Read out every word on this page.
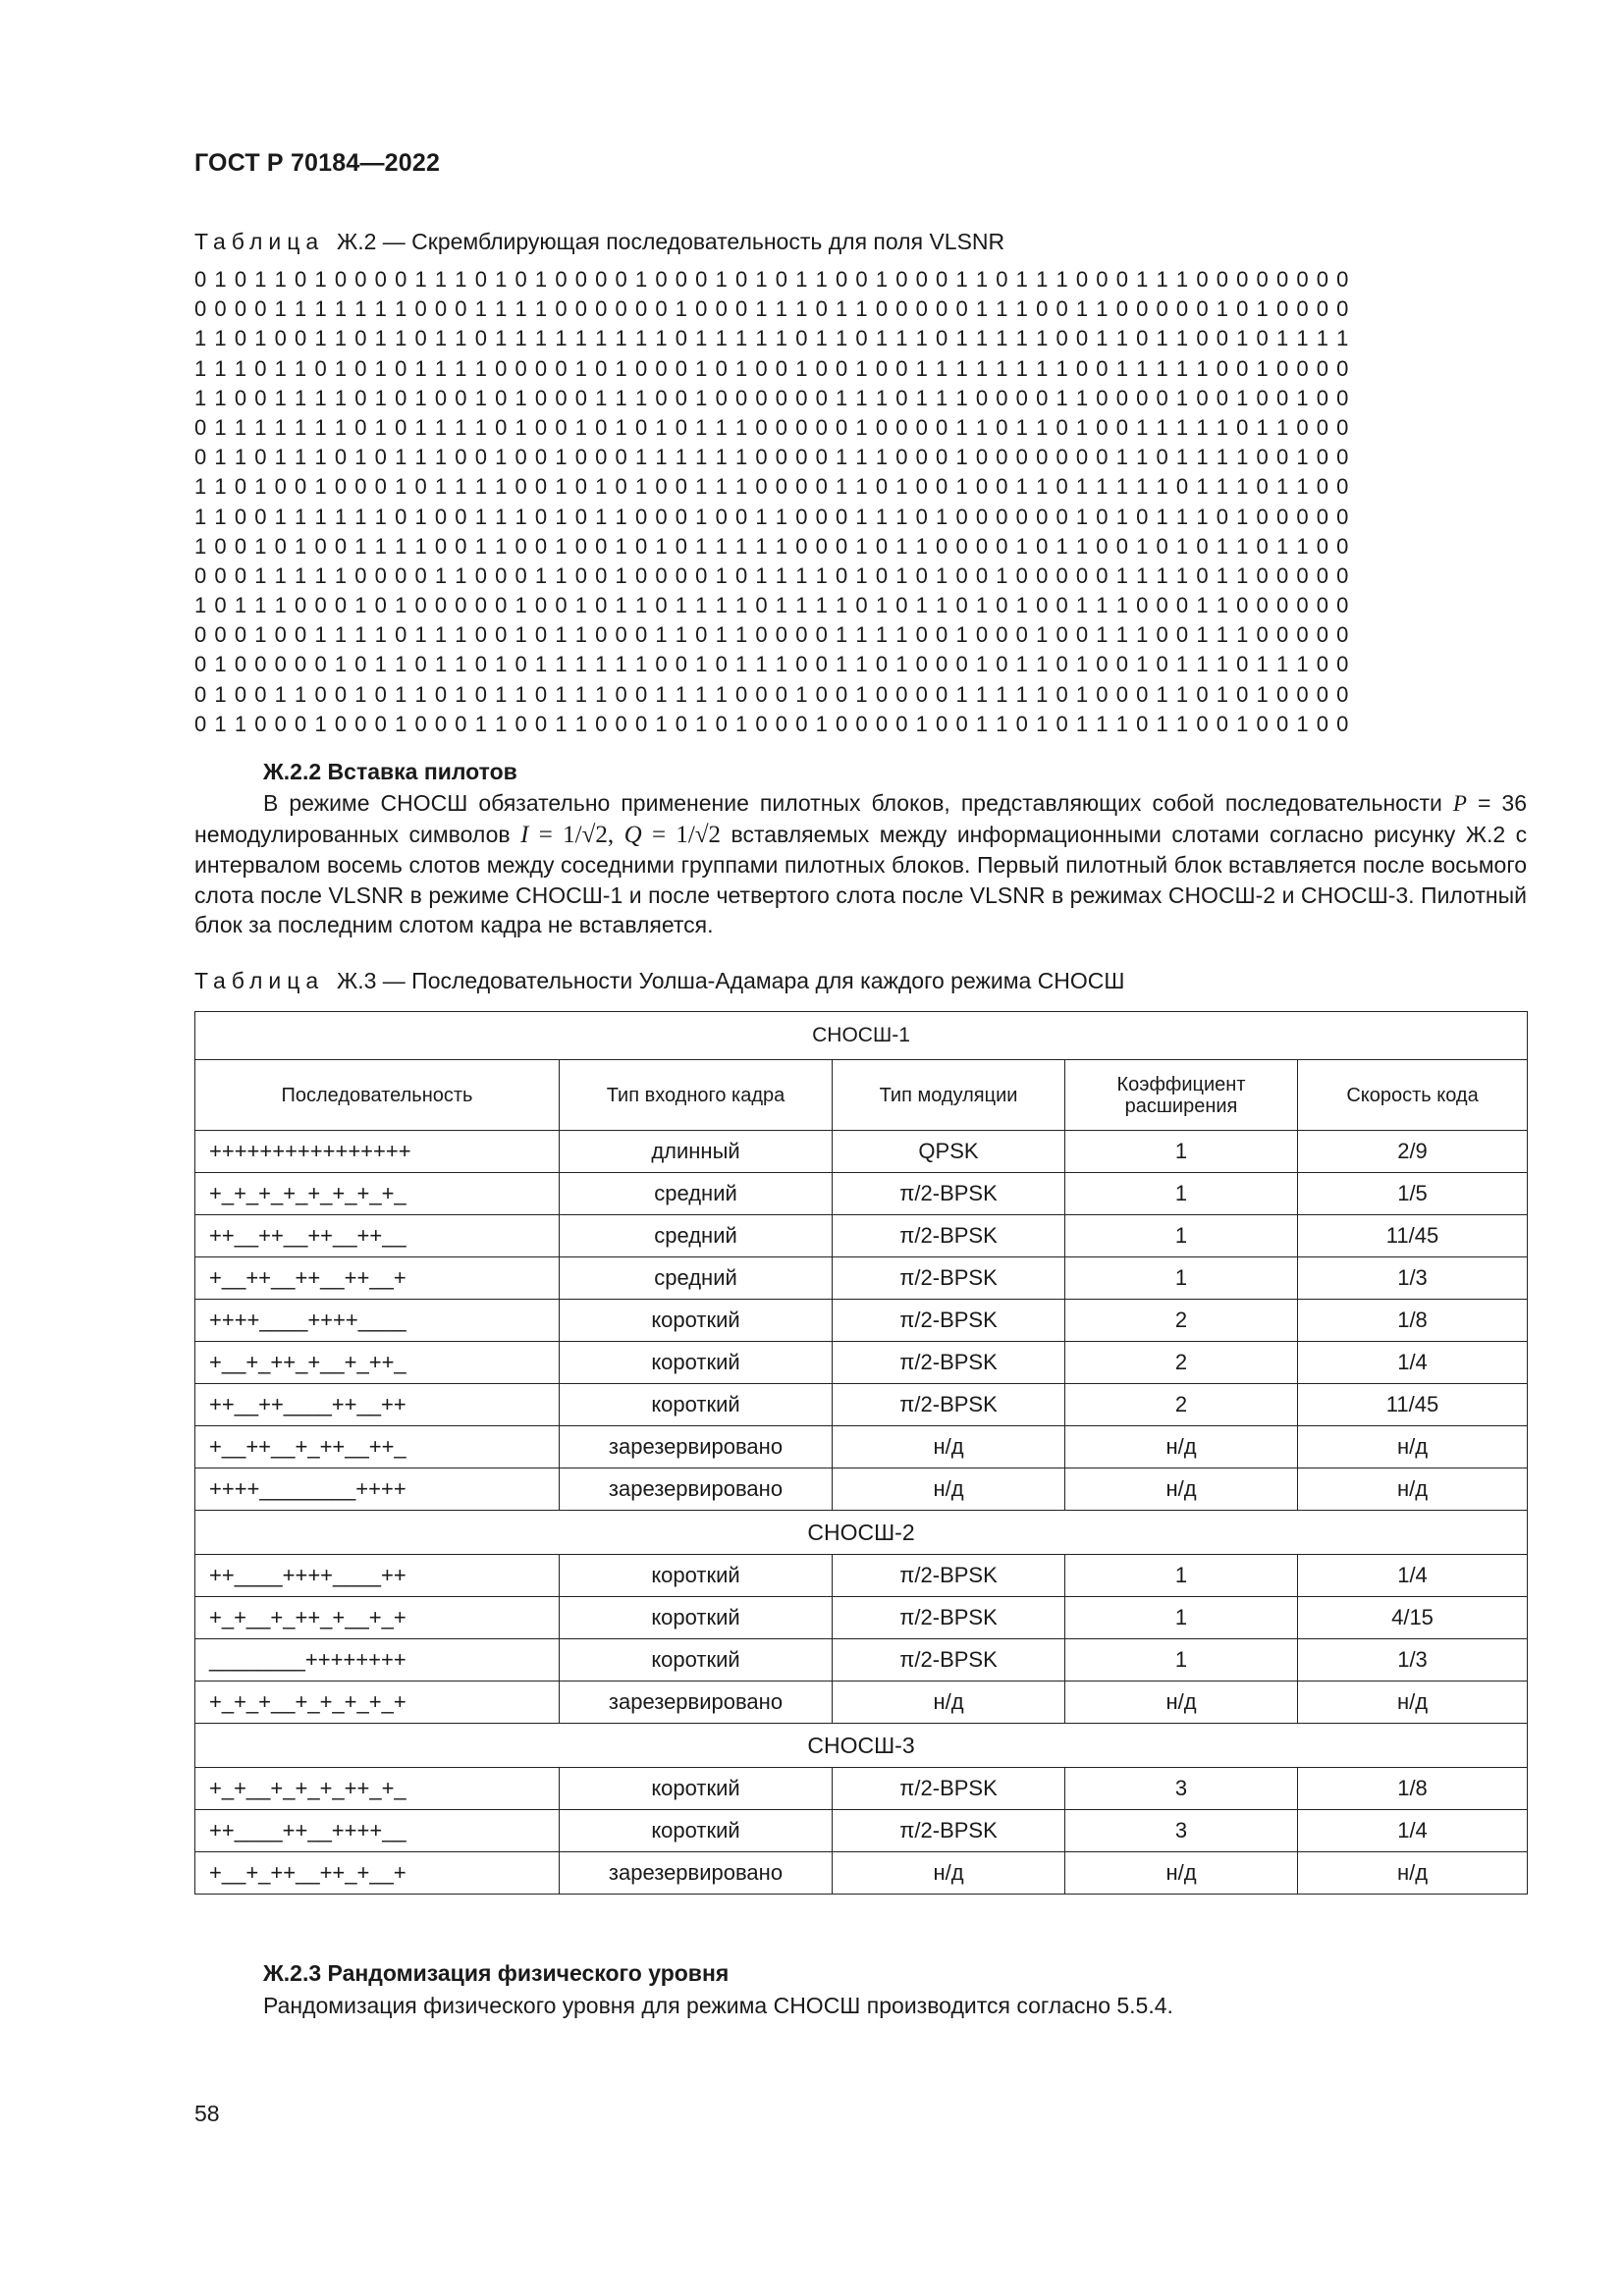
ГОСТ Р 70184—2022
Таблица Ж.2 — Скремблирующая последовательность для поля VLSNR
0 1 0 1 1 0 1 0 0 0 0 1 1 1 0 1 0 1 0 0 0 0 1 0 0 0 1 0 1 0 1 1 0 0 1 0 0 0 1 1 0 1 1 1 0 0 0 1 1 1 0 0 0 0 0 0 0 0
0 0 0 0 1 1 1 1 1 1 1 0 0 0 1 1 1 1 0 0 0 0 0 0 1 0 0 0 1 1 1 0 1 1 0 0 0 0 0 1 1 1 0 0 1 1 0 0 0 0 0 1 0 1 0 0 0 0
1 1 0 1 0 0 1 1 0 1 1 0 1 1 0 1 1 1 1 1 1 1 1 1 0 1 1 1 1 1 0 1 1 0 1 1 1 0 1 1 1 1 1 0 0 1 1 0 1 1 0 0 1 0 1 1 1 1
1 1 1 0 1 1 0 1 0 1 0 1 1 1 1 0 0 0 0 1 0 1 0 0 0 1 0 1 0 0 1 0 0 1 0 0 1 1 1 1 1 1 1 1 0 0 1 1 1 1 1 0 0 1 0 0 0 0
1 1 0 0 1 1 1 1 0 1 0 1 0 0 1 0 1 0 0 0 1 1 1 0 0 1 0 0 0 0 0 0 1 1 1 0 1 1 1 0 0 0 0 1 1 0 0 0 0 1 0 0 1 0 0 1 0 0
0 1 1 1 1 1 1 1 0 1 0 1 1 1 1 0 1 0 0 1 0 1 0 1 0 1 1 1 0 0 0 0 0 1 0 0 0 0 1 1 0 1 1 0 1 0 0 1 1 1 1 1 0 1 1 0 0 0
0 1 1 0 1 1 1 0 1 0 1 1 1 0 0 1 0 0 1 0 0 0 1 1 1 1 1 1 0 0 0 0 1 1 1 0 0 0 1 0 0 0 0 0 0 0 1 1 0 1 1 1 1 0 0 1 0 0
1 1 0 1 0 0 1 0 0 0 1 0 1 1 1 1 0 0 1 0 1 0 1 0 0 1 1 1 0 0 0 0 1 1 0 1 0 0 1 0 0 1 1 0 1 1 1 1 1 0 1 1 1 0 1 1 0 0
1 1 0 0 1 1 1 1 1 1 0 1 0 0 1 1 1 0 1 0 1 1 0 0 0 1 0 0 1 1 0 0 0 1 1 1 0 1 0 0 0 0 0 0 1 0 1 0 1 1 1 0 1 0 0 0 0 0
1 0 0 1 0 1 0 0 1 1 1 1 0 0 1 1 0 0 1 0 0 1 0 1 0 1 1 1 1 1 0 0 0 1 0 1 1 0 0 0 0 1 0 1 1 0 0 1 0 1 0 1 1 0 1 1 0 0
0 0 0 1 1 1 1 1 0 0 0 0 1 1 0 0 0 1 1 0 0 1 0 0 0 0 1 0 1 1 1 1 0 1 0 1 0 1 0 0 1 0 0 0 0 0 1 1 1 1 0 1 1 0 0 0 0 0
1 0 1 1 1 0 0 0 1 0 1 0 0 0 0 0 1 0 0 1 0 1 1 0 1 1 1 1 0 1 1 1 1 0 1 0 1 1 0 1 0 1 0 0 1 1 1 0 0 0 1 1 0 0 0 0 0 0
0 0 0 1 0 0 1 1 1 1 0 1 1 1 0 0 1 0 1 1 0 0 0 1 1 0 1 1 0 0 0 0 1 1 1 1 0 0 1 0 0 0 1 0 0 1 1 1 0 0 1 1 1 0 0 0 0 0
0 1 0 0 0 0 0 1 0 1 1 0 1 1 0 1 0 1 1 1 1 1 1 0 0 1 0 1 1 1 0 0 1 1 0 1 0 0 0 1 0 1 1 0 1 0 0 1 0 1 1 1 0 1 1 1 0 0
0 1 0 0 1 1 0 0 1 0 1 1 0 1 0 1 1 0 1 1 1 0 0 1 1 1 1 0 0 0 1 0 0 1 0 0 0 0 1 1 1 1 1 0 1 0 0 0 1 1 0 1 0 1 0 0 0 0
0 1 1 0 0 0 1 0 0 0 1 0 0 0 1 1 0 0 1 1 0 0 0 1 0 1 0 1 0 0 0 1 0 0 0 0 1 0 0 1 1 0 1 0 1 1 1 0 1 1 0 0 1 0 0 1 0 0
Ж.2.2 Вставка пилотов

В режиме СНОСШ обязательно применение пилотных блоков, представляющих собой последовательности P = 36 немодулированных символов I = 1/√2, Q = 1/√2 вставляемых между информационными слотами согласно рисунку Ж.2 с интервалом восемь слотов между соседними группами пилотных блоков. Первый пилотный блок вставляется после восьмого слота после VLSNR в режиме СНОСШ-1 и после четвертого слота после VLSNR в режимах СНОСШ-2 и СНОСШ-3. Пилотный блок за последним слотом кадра не вставляется.

Таблица Ж.3 — Последовательности Уолша-Адамара для каждого режима СНОСШ
СНОСШ-1				
Последовательность	Тип входного кадра	Тип модуляции	Коэффициент расширения	Скорость кода
++++++++++++++++	длинный	QPSK	1	2/9
+_+_+_+_+_+_+_+_	средний	π/2-BPSK	1	1/5
++__++__++__++__	средний	π/2-BPSK	1	11/45
+__++__++__++__+	средний	π/2-BPSK	1	1/3
++++____++++____	короткий	π/2-BPSK	2	1/8
+__+_++_+__+_++_	короткий	π/2-BPSK	2	1/4
++__++____++__++	короткий	π/2-BPSK	2	11/45
+__++__+_++__++_	зарезервировано	н/д	н/д	н/д
++++________++++	зарезервировано	н/д	н/д	н/д
СНОСШ-2				
++____++++____++	короткий	π/2-BPSK	1	1/4
+_+__+_++_+__+_+	короткий	π/2-BPSK	1	4/15
________++++++++	короткий	π/2-BPSK	1	1/3
+_+_+__+_+_+_+_+	зарезервировано	н/д	н/д	н/д
СНОСШ-3				
+_+__+_+_+_++_+_	короткий	π/2-BPSK	3	1/8
++____++__++++__	короткий	π/2-BPSK	3	1/4
+__+_++__++_+__+	зарезервировано	н/д	н/д	н/д
Ж.2.3 Рандомизация физического уровня
Рандомизация физического уровня для режима СНОСШ производится согласно 5.5.4.
58
